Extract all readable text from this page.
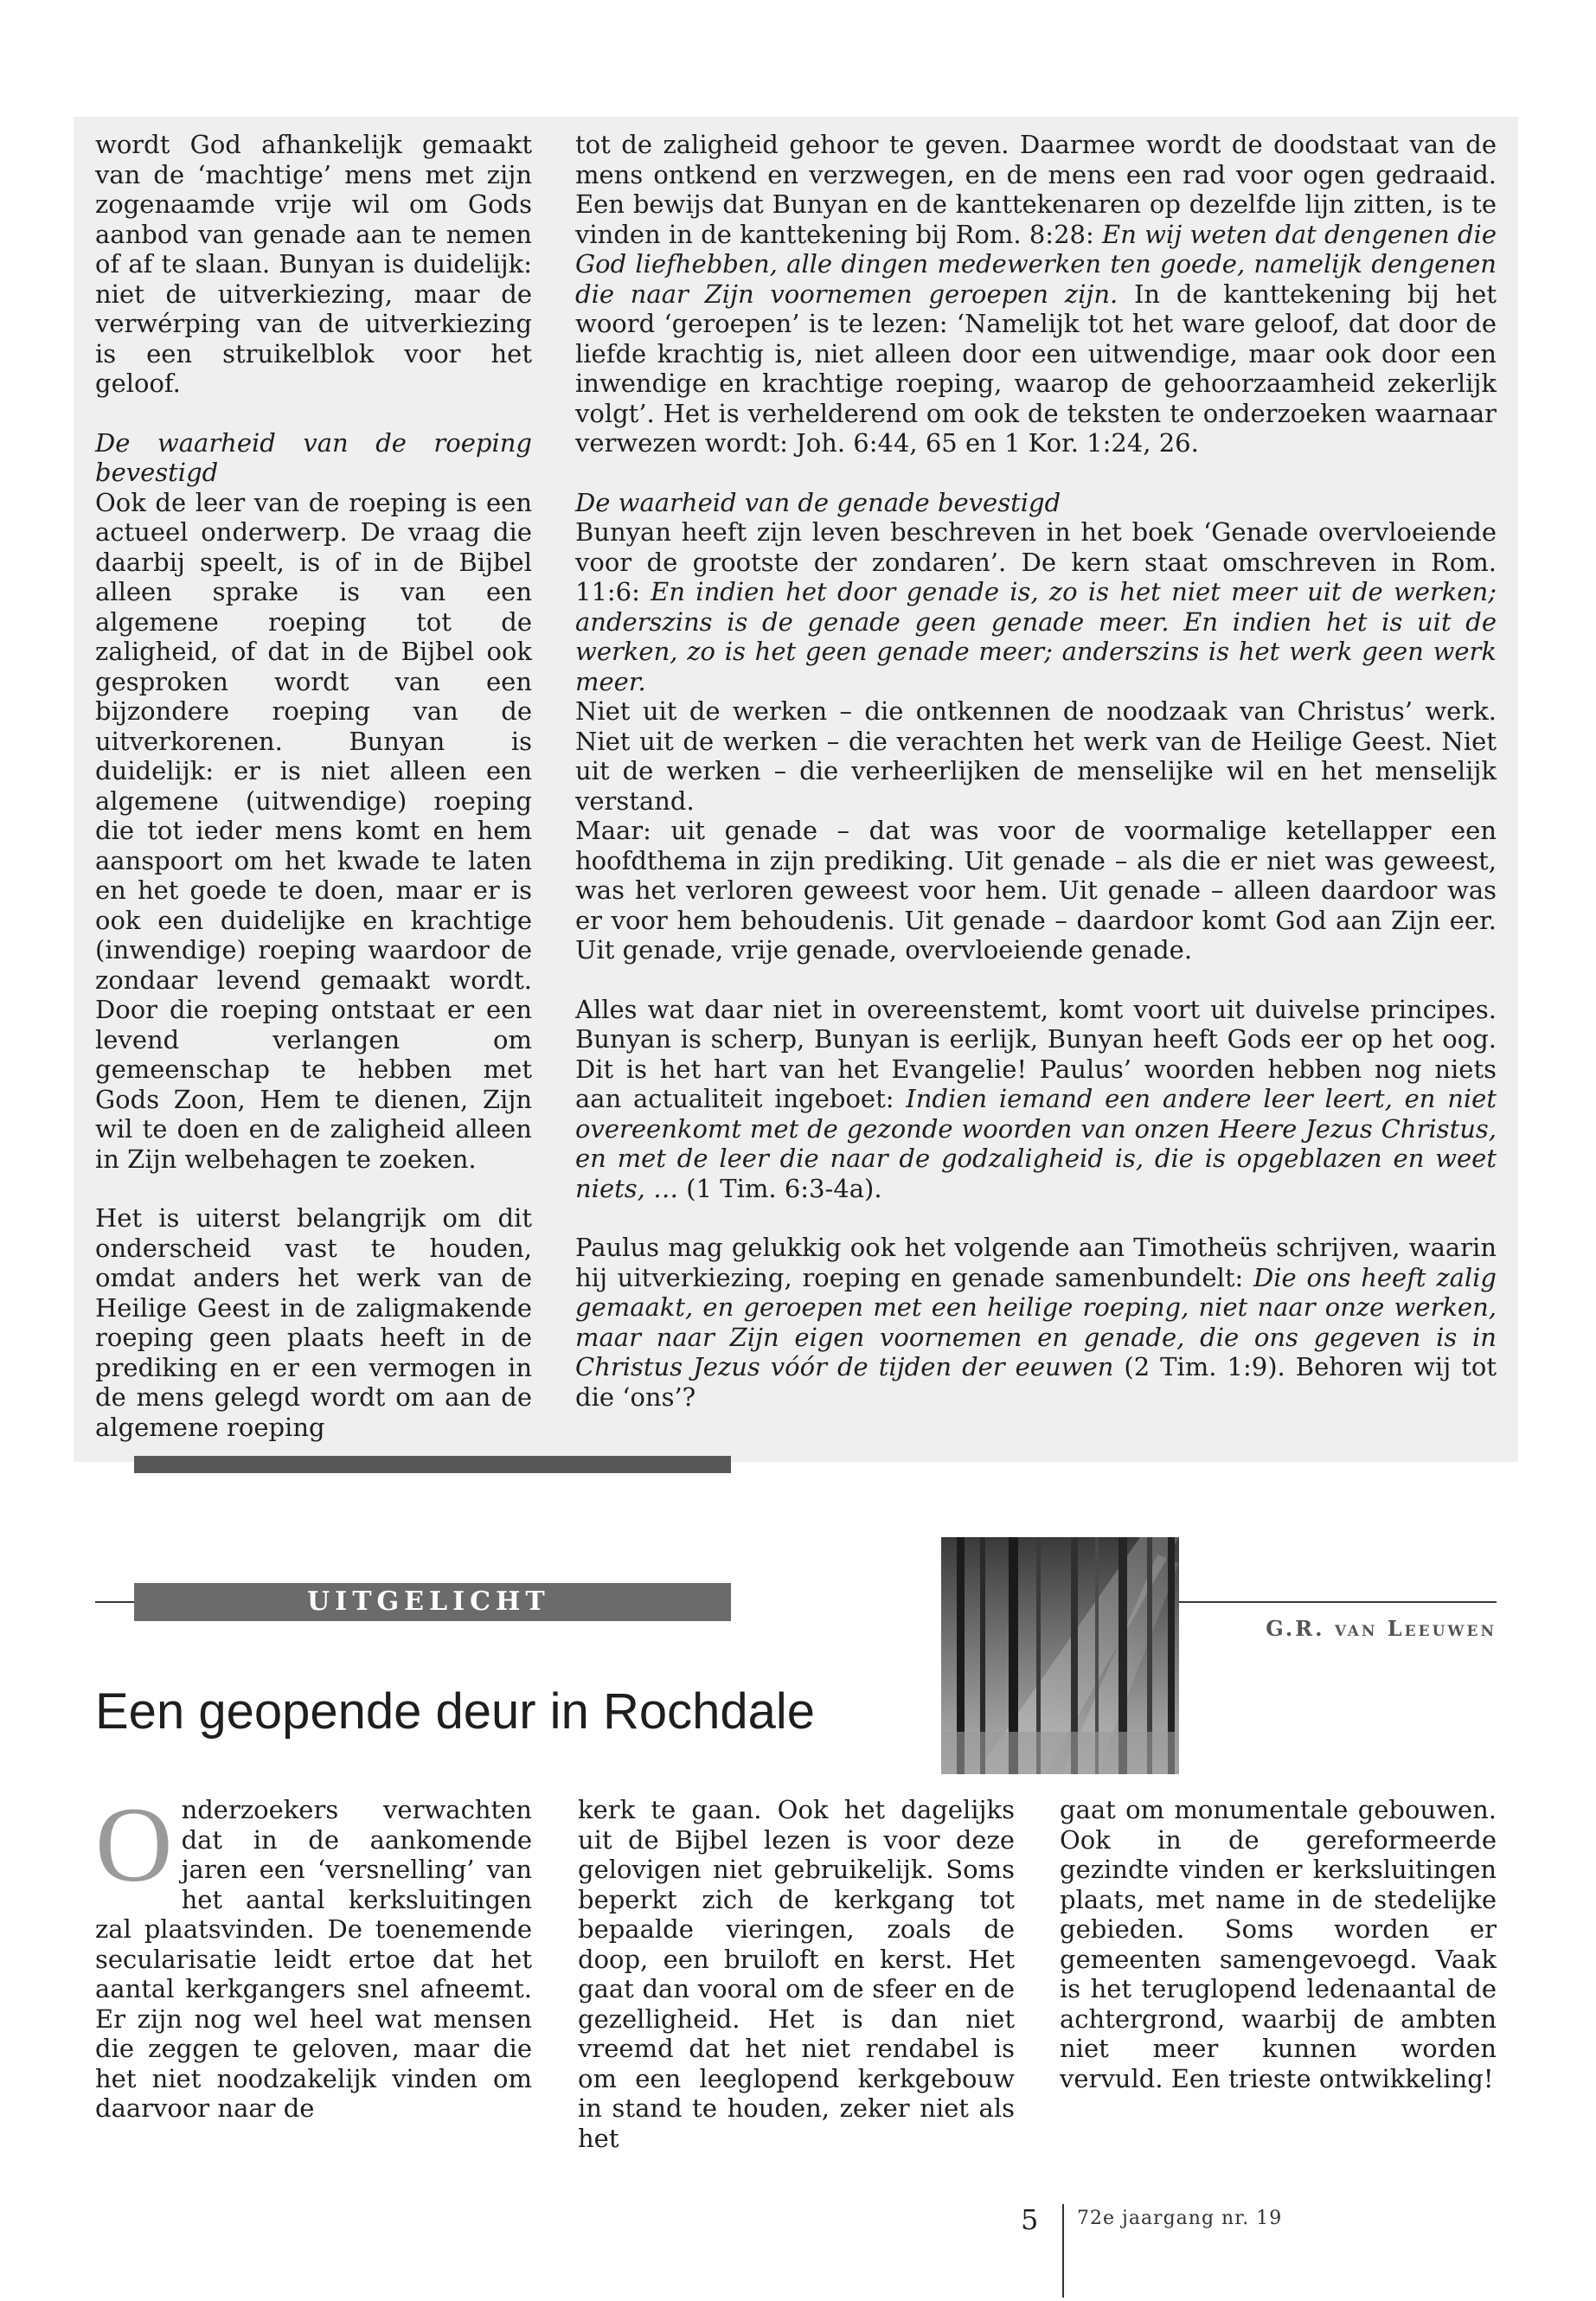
wordt God afhankelijk gemaakt van de ‘machtige’ mens met zijn zogenaamde vrije wil om Gods aanbod van genade aan te nemen of af te slaan. Bunyan is duidelijk: niet de uitverkiezing, maar de verwérping van de uitverkiezing is een struikelblok voor het geloof.

De waarheid van de roeping bevestigd

Ook de leer van de roeping is een actueel onderwerp. De vraag die daarbij speelt, is of in de Bijbel alleen sprake is van een algemene roeping tot de zaligheid, of dat in de Bijbel ook gesproken wordt van een bijzondere roeping van de uitverkorenen. Bunyan is duidelijk: er is niet alleen een algemene (uitwendige) roeping die tot ieder mens komt en hem aanspoort om het kwade te laten en het goede te doen, maar er is ook een duidelijke en krachtige (inwendige) roeping waardoor de zondaar levend gemaakt wordt. Door die roeping ontstaat er een levend verlangen om gemeenschap te hebben met Gods Zoon, Hem te dienen, Zijn wil te doen en de zaligheid alleen in Zijn welbehagen te zoeken.

Het is uiterst belangrijk om dit onderscheid vast te houden, omdat anders het werk van de Heilige Geest in de zaligmakende roeping geen plaats heeft in de prediking en er een vermogen in de mens gelegd wordt om aan de algemene roeping

tot de zaligheid gehoor te geven. Daarmee wordt de doodstaat van de mens ontkend en verzwegen, en de mens een rad voor ogen gedraaid. Een bewijs dat Bunyan en de kanttekenaren op dezelfde lijn zitten, is te vinden in de kanttekening bij Rom. 8:28: En wij weten dat dengenen die God liefhebben, alle dingen medewerken ten goede, namelijk dengenen die naar Zijn voornemen geroepen zijn. In de kanttekening bij het woord ‘geroepen’ is te lezen: ‘Namelijk tot het ware geloof, dat door de liefde krachtig is, niet alleen door een uitwendige, maar ook door een inwendige en krachtige roeping, waarop de gehoorzaamheid zekerlijk volgt’. Het is verhelderend om ook de teksten te onderzoeken waarnaar verwezen wordt: Joh. 6:44, 65 en 1 Kor. 1:24, 26.

De waarheid van de genade bevestigd

Bunyan heeft zijn leven beschreven in het boek ‘Genade overvloeiende voor de grootste der zondaren’. De kern staat omschreven in Rom. 11:6: En indien het door genade is, zo is het niet meer uit de werken; anderszins is de genade geen genade meer. En indien het is uit de werken, zo is het geen genade meer; anderszins is het werk geen werk meer.

Niet uit de werken – die ontkennen de noodzaak van Christus’ werk. Niet uit de werken – die verachten het werk van de Heilige Geest. Niet uit de werken – die verheerlijken de menselijke wil en het menselijk verstand.

Maar: uit genade – dat was voor de voormalige ketellapper een hoofdthema in zijn prediking. Uit genade – als die er niet was geweest, was het verloren geweest voor hem. Uit genade – alleen daardoor was er voor hem behoudenis. Uit genade – daardoor komt God aan Zijn eer. Uit genade, vrije genade, overvloeiende genade.

Alles wat daar niet in overeenstemt, komt voort uit duivelse principes. Bunyan is scherp, Bunyan is eerlijk, Bunyan heeft Gods eer op het oog. Dit is het hart van het Evangelie! Paulus’ woorden hebben nog niets aan actualiteit ingeboet: Indien iemand een andere leer leert, en niet overeenkomt met de gezonde woorden van onzen Heere Jezus Christus, en met de leer die naar de godzaligheid is, die is opgeblazen en weet niets, … (1 Tim. 6:3-4a).

Paulus mag gelukkig ook het volgende aan Timotheüs schrijven, waarin hij uitverkiezing, roeping en genade samenbundelt: Die ons heeft zalig gemaakt, en geroepen met een heilige roeping, niet naar onze werken, maar naar Zijn eigen voornemen en genade, die ons gegeven is in Christus Jezus vóór de tijden der eeuwen (2 Tim. 1:9). Behoren wij tot die ‘ons’?

UITGELICHT
G.R. van Leeuwen
Een geopende deur in Rochdale

O nderzoekers verwachten dat in de aankomende jaren een ‘versnelling’ van het aantal kerksluitingen zal plaatsvinden. De toenemende secularisatie leidt ertoe dat het aantal kerkgangers snel afneemt. Er zijn nog wel heel wat mensen die zeggen te geloven, maar die het niet noodzakelijk vinden om daarvoor naar de

kerk te gaan. Ook het dagelijks uit de Bijbel lezen is voor deze gelovigen niet gebruikelijk. Soms beperkt zich de kerkgang tot bepaalde vieringen, zoals de doop, een bruiloft en kerst. Het gaat dan vooral om de sfeer en de gezelligheid. Het is dan niet vreemd dat het niet rendabel is om een leeglopend kerkgebouw in stand te houden, zeker niet als het

gaat om monumentale gebouwen. Ook in de gereformeerde gezindte vinden er kerksluitingen plaats, met name in de stedelijke gebieden. Soms worden er gemeenten samengevoegd. Vaak is het teruglopend ledenaantal de achtergrond, waarbij de ambten niet meer kunnen worden vervuld. Een trieste ontwikkeling!

5 72e jaargang nr. 19
